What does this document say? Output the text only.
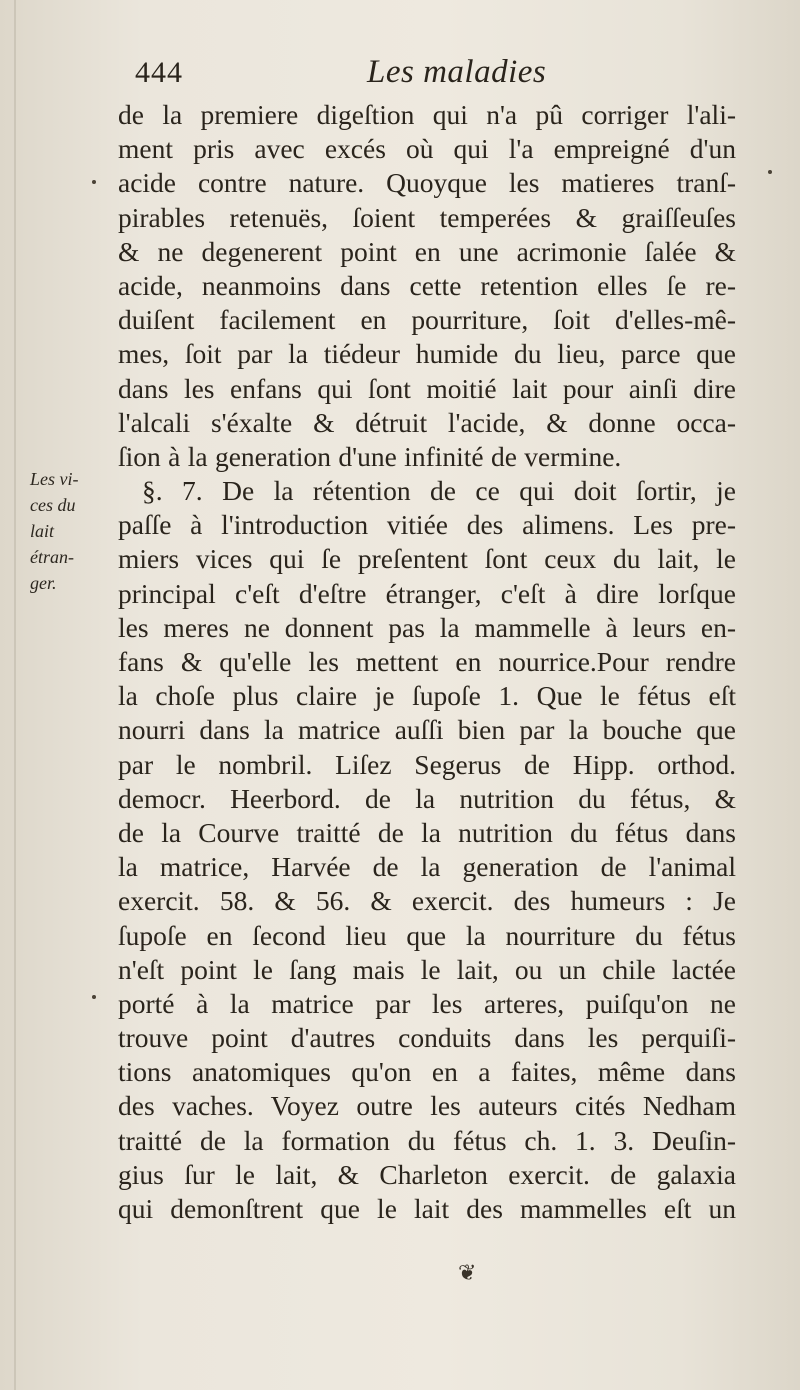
444	Les maladies
Les vi-
ces du
lait
étran-
ger.
de la premiere digeſtion qui n'a pû corriger l'ali-
ment pris avec excés où qui l'a empreigné d'un
acide contre nature. Quoyque les matieres tranſ-
pirables retenuës, ſoient temperées & graiſſeuſes
& ne degenerent point en une acrimonie ſalée &
acide, neanmoins dans cette retention elles ſe re-
duiſent facilement en pourriture, ſoit d'elles-mê-
mes, ſoit par la tiédeur humide du lieu, parce que
dans les enfans qui ſont moitié lait pour ainſi dire
l'alcali s'éxalte & détruit l'acide, & donne occa-
ſion à la generation d'une infinité de vermine.
§. 7. De la rétention de ce qui doit ſortir, je
paſſe à l'introduction vitiée des alimens. Les pre-
miers vices qui ſe preſentent ſont ceux du lait, le
principal c'eſt d'eſtre étranger, c'eſt à dire lorſque
les meres ne donnent pas la mammelle à leurs en-
fans & qu'elle les mettent en nourrice.Pour rendre
la choſe plus claire je ſupoſe 1. Que le fétus eſt
nourri dans la matrice auſſi bien par la bouche que
par le nombril. Liſez Segerus de Hipp. orthod.
democr. Heerbord. de la nutrition du fétus, &
de la Courve traitté de la nutrition du fétus dans
la matrice, Harvée de la generation de l'animal
exercit. 58. & 56. & exercit. des humeurs : Je
ſupoſe en ſecond lieu que la nourriture du fétus
n'eſt point le ſang mais le lait, ou un chile lactée
porté à la matrice par les arteres, puiſqu'on ne
trouve point d'autres conduits dans les perquiſi-
tions anatomiques qu'on en a faites, même dans
des vaches. Voyez outre les auteurs cités Nedham
traitté de la formation du fétus ch. 1. 3. Deuſin-
gius ſur le lait, & Charleton exercit. de galaxia
qui demonſtrent que le lait des mammelles eſt un
❦
